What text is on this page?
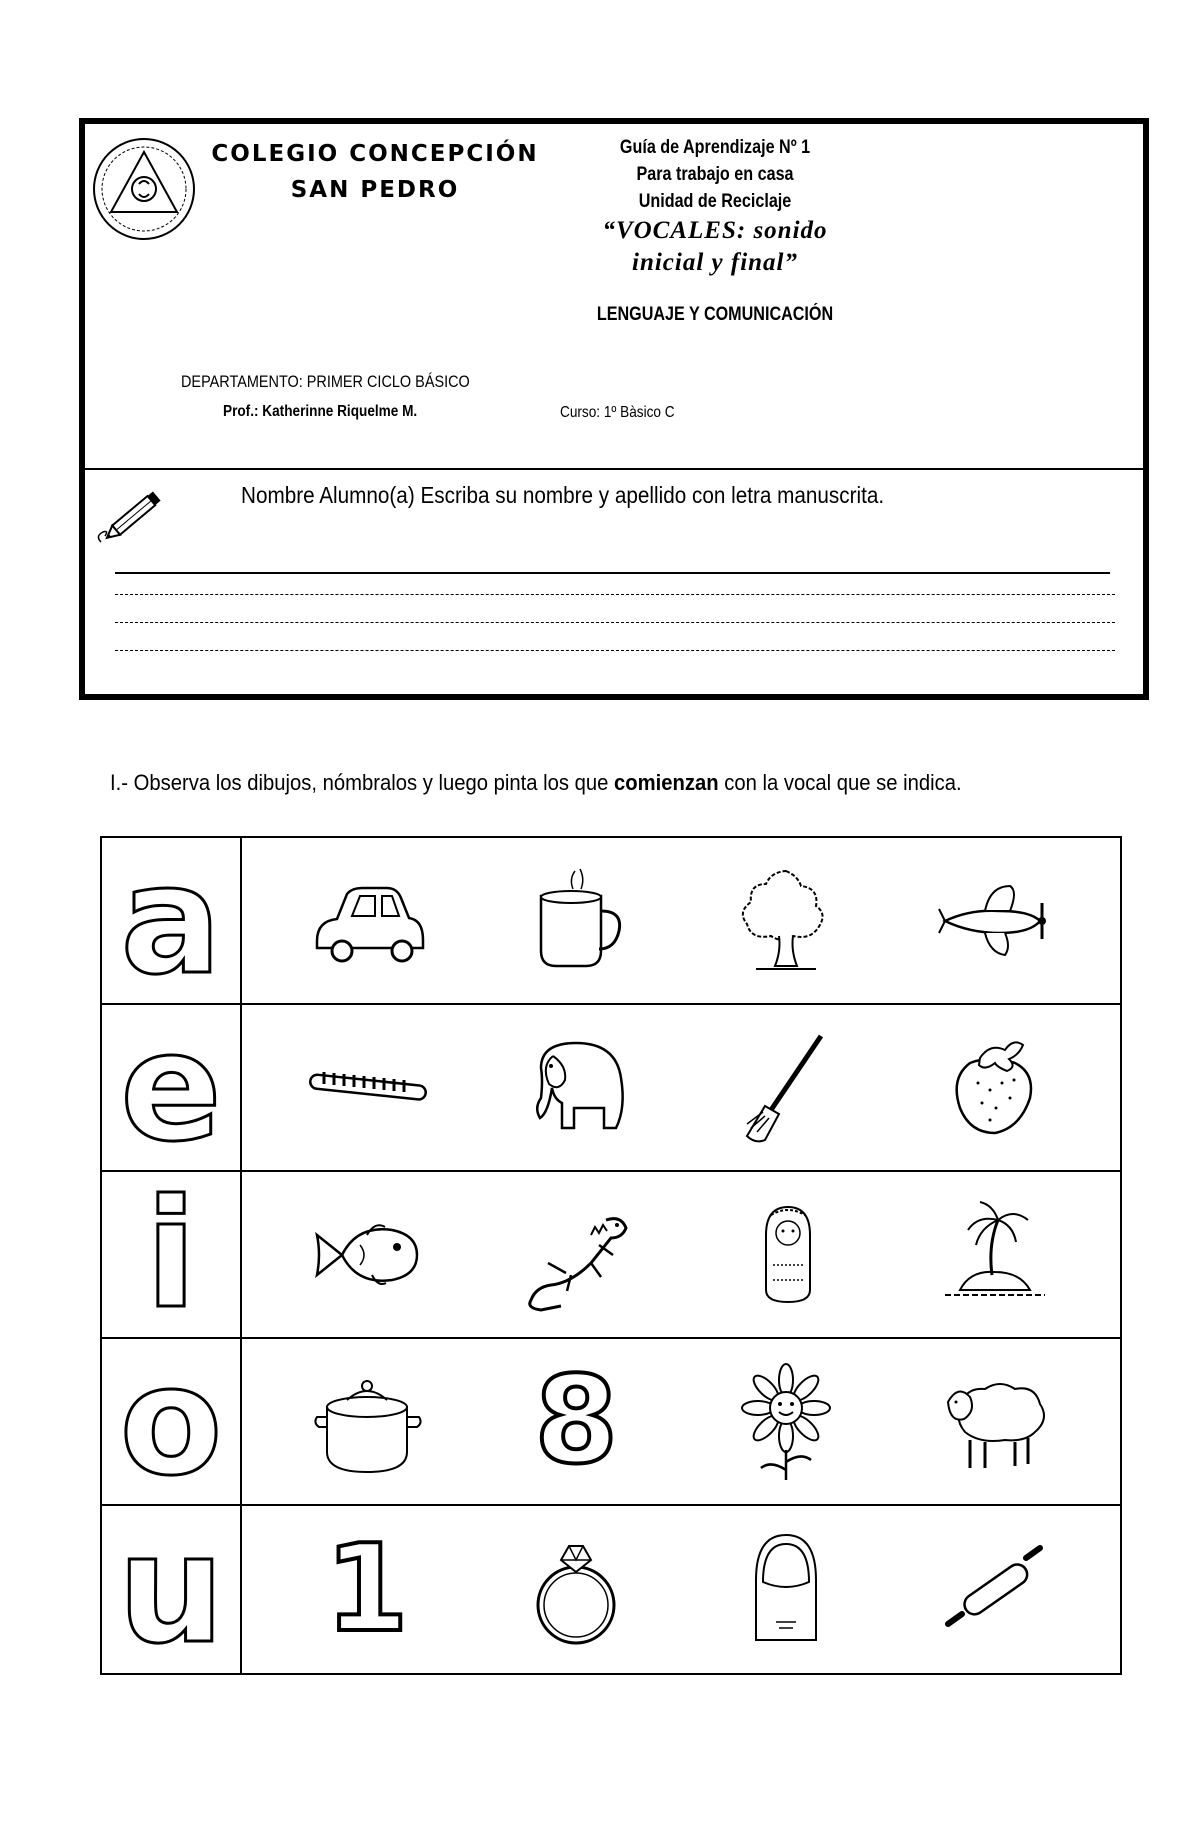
COLEGIO CONCEPCIÓN
SAN PEDRO
Guía de Aprendizaje Nº 1
Para trabajo en casa
Unidad de Reciclaje
“VOCALES: sonido
inicial y final”
LENGUAJE Y COMUNICACIÓN
DEPARTAMENTO: PRIMER CICLO BÁSICO
Prof.: Katherinne Riquelme M.	Curso: 1º Bàsico C
Nombre Alumno(a) Escriba su nombre y apellido con letra manuscrita.
I.- Observa los dibujos, nómbralos y luego pinta los que comienzan con la vocal que se indica.
a
e
i
o	8
u 1
